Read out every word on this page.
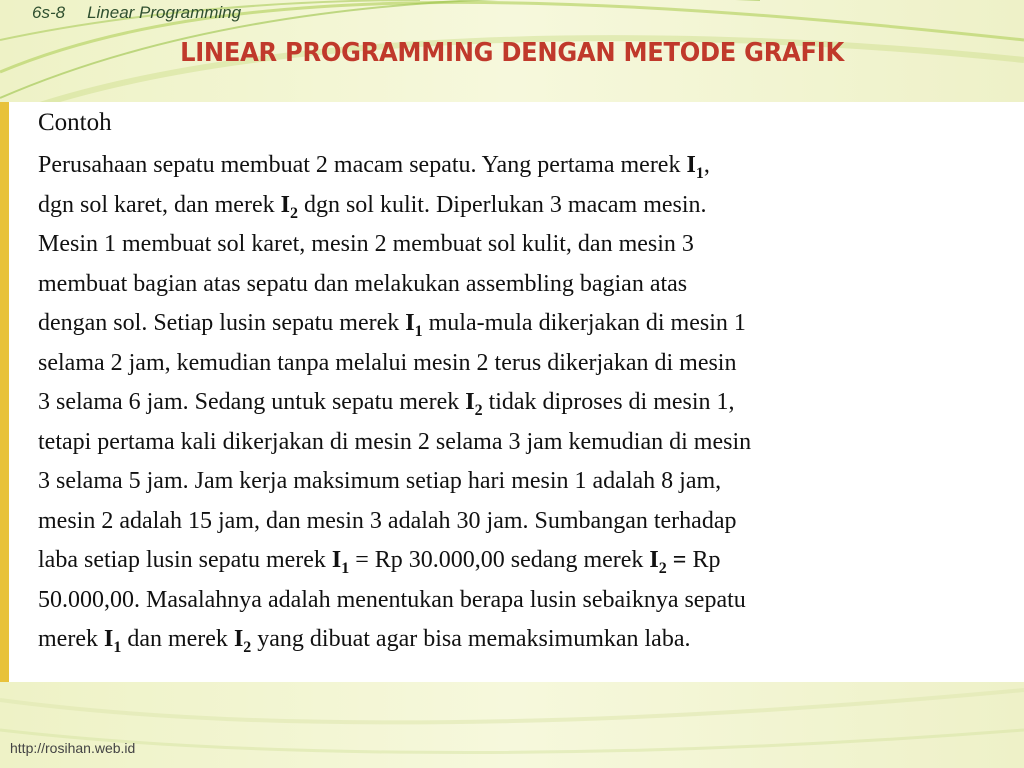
6s-8 Linear Programming
LINEAR PROGRAMMING DENGAN METODE GRAFIK

Contoh

Perusahaan sepatu membuat 2 macam sepatu. Yang pertama merek $I_1$,
dgn sol karet, dan merek $I_2$ dgn sol kulit. Diperlukan 3 macam mesin.
Mesin 1 membuat sol karet, mesin 2 membuat sol kulit, dan mesin 3
membuat bagian atas sepatu dan melakukan assembling bagian atas
dengan sol. Setiap lusin sepatu merek $I_1$ mula-mula dikerjakan di mesin 1
selama 2 jam, kemudian tanpa melalui mesin 2 terus dikerjakan di mesin
3 selama 6 jam. Sedang untuk sepatu merek $I_2$ tidak diproses di mesin 1,
tetapi pertama kali dikerjakan di mesin 2 selama 3 jam kemudian di mesin
3 selama 5 jam. Jam kerja maksimum setiap hari mesin 1 adalah 8 jam,
mesin 2 adalah 15 jam, dan mesin 3 adalah 30 jam. Sumbangan terhadap
laba setiap lusin sepatu merek $I_1 = Rp$ 30.000,00 sedang merek $I_2 = Rp$
50.000,00. Masalahnya adalah menentukan berapa lusin sebaiknya sepatu
merek $I_1$ dan merek $I_2$ yang dibuat agar bisa memaksimumkan laba.
http://rosihan.web.id
